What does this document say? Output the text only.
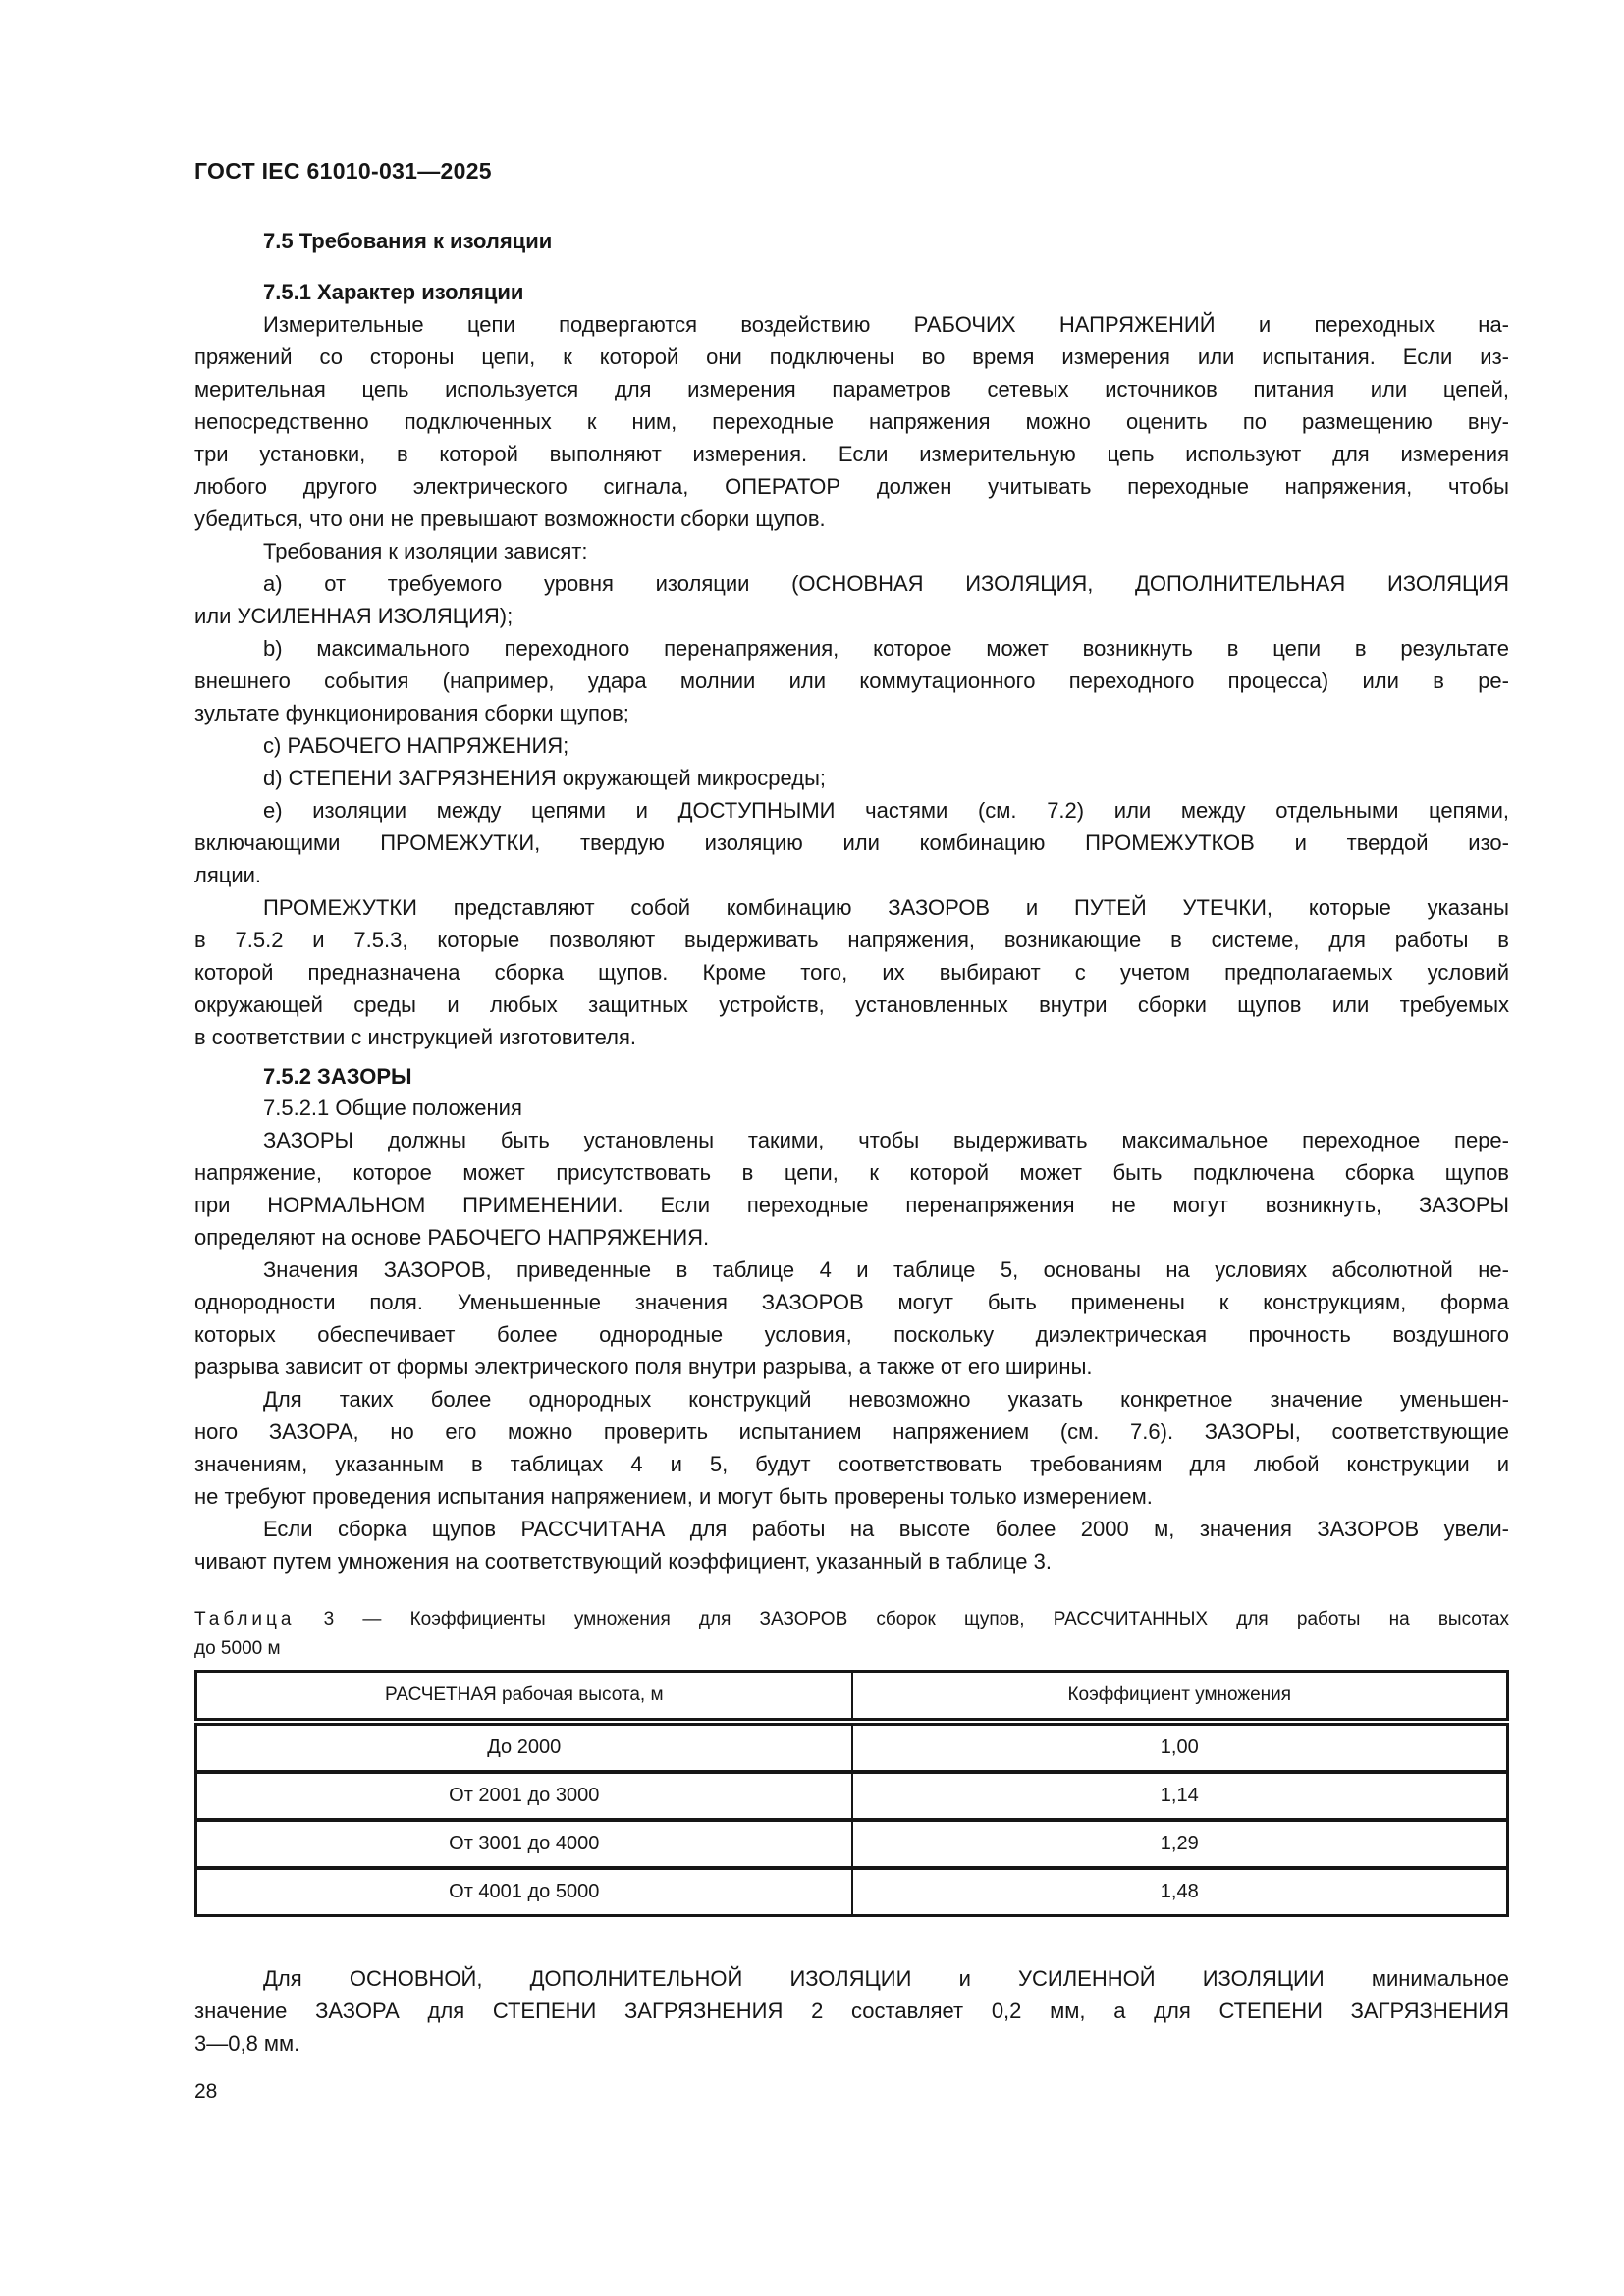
ГОСТ IEC 61010-031—2025
7.5 Требования к изоляции
7.5.1 Характер изоляции
Измерительные цепи подвергаются воздействию РАБОЧИХ НАПРЯЖЕНИЙ и переходных на-
пряжений со стороны цепи, к которой они подключены во время измерения или испытания. Если из-
мерительная цепь используется для измерения параметров сетевых источников питания или цепей,
непосредственно подключенных к ним, переходные напряжения можно оценить по размещению вну-
три установки, в которой выполняют измерения. Если измерительную цепь используют для измерения
любого другого электрического сигнала, ОПЕРАТОР должен учитывать переходные напряжения, чтобы
убедиться, что они не превышают возможности сборки щупов.
Требования к изоляции зависят:
a) от требуемого уровня изоляции (ОСНОВНАЯ ИЗОЛЯЦИЯ, ДОПОЛНИТЕЛЬНАЯ ИЗОЛЯЦИЯ
или УСИЛЕННАЯ ИЗОЛЯЦИЯ);
b) максимального переходного перенапряжения, которое может возникнуть в цепи в результате
внешнего события (например, удара молнии или коммутационного переходного процесса) или в ре-
зультате функционирования сборки щупов;
c) РАБОЧЕГО НАПРЯЖЕНИЯ;
d) СТЕПЕНИ ЗАГРЯЗНЕНИЯ окружающей микросреды;
e) изоляции между цепями и ДОСТУПНЫМИ частями (см. 7.2) или между отдельными цепями,
включающими ПРОМЕЖУТКИ, твердую изоляцию или комбинацию ПРОМЕЖУТКОВ и твердой изо-
ляции.
ПРОМЕЖУТКИ представляют собой комбинацию ЗАЗОРОВ и ПУТЕЙ УТЕЧКИ, которые указаны
в 7.5.2 и 7.5.3, которые позволяют выдерживать напряжения, возникающие в системе, для работы в
которой предназначена сборка щупов. Кроме того, их выбирают с учетом предполагаемых условий
окружающей среды и любых защитных устройств, установленных внутри сборки щупов или требуемых
в соответствии с инструкцией изготовителя.
7.5.2 ЗАЗОРЫ
7.5.2.1 Общие положения
ЗАЗОРЫ должны быть установлены такими, чтобы выдерживать максимальное переходное пере-
напряжение, которое может присутствовать в цепи, к которой может быть подключена сборка щупов
при НОРМАЛЬНОМ ПРИМЕНЕНИИ. Если переходные перенапряжения не могут возникнуть, ЗАЗОРЫ
определяют на основе РАБОЧЕГО НАПРЯЖЕНИЯ.
Значения ЗАЗОРОВ, приведенные в таблице 4 и таблице 5, основаны на условиях абсолютной не-
однородности поля. Уменьшенные значения ЗАЗОРОВ могут быть применены к конструкциям, форма
которых обеспечивает более однородные условия, поскольку диэлектрическая прочность воздушного
разрыва зависит от формы электрического поля внутри разрыва, а также от его ширины.
Для таких более однородных конструкций невозможно указать конкретное значение уменьшен-
ного ЗАЗОРА, но его можно проверить испытанием напряжением (см. 7.6). ЗАЗОРЫ, соответствующие
значениям, указанным в таблицах 4 и 5, будут соответствовать требованиям для любой конструкции и
не требуют проведения испытания напряжением, и могут быть проверены только измерением.
Если сборка щупов РАССЧИТАНА для работы на высоте более 2000 м, значения ЗАЗОРОВ увели-
чивают путем умножения на соответствующий коэффициент, указанный в таблице 3.
Таблица 3 — Коэффициенты умножения для ЗАЗОРОВ сборок щупов, РАССЧИТАННЫХ для работы на высотах
до 5000 м
РАСЧЕТНАЯ рабочая высота, м	Коэффициент умножения
До 2000	1,00
От 2001 до 3000	1,14
От 3001 до 4000	1,29
От 4001 до 5000	1,48
Для ОСНОВНОЙ, ДОПОЛНИТЕЛЬНОЙ ИЗОЛЯЦИИ и УСИЛЕННОЙ ИЗОЛЯЦИИ минимальное
значение ЗАЗОРА для СТЕПЕНИ ЗАГРЯЗНЕНИЯ 2 составляет 0,2 мм, а для СТЕПЕНИ ЗАГРЯЗНЕНИЯ
3—0,8 мм.
28
